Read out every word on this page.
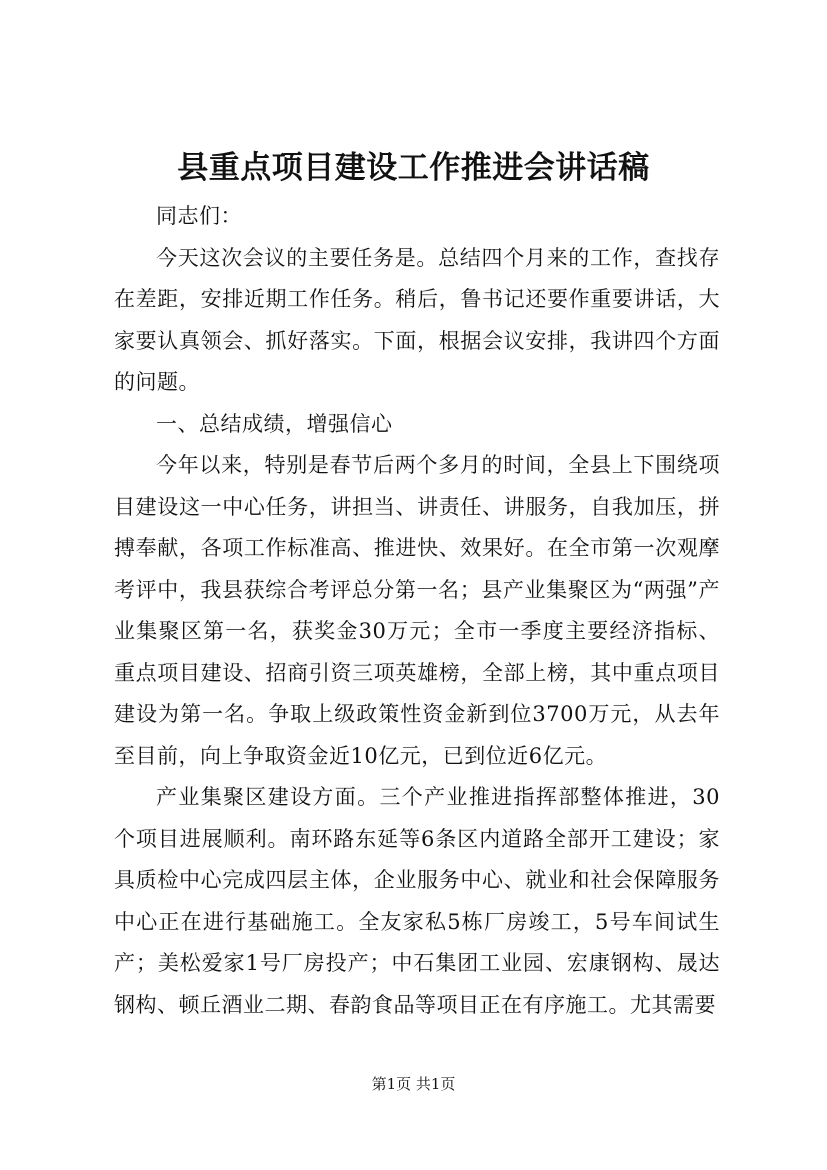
县重点项目建设工作推进会讲话稿

同志们：

今天这次会议的主要任务是。总结四个月来的工作，查找存在差距，安排近期工作任务。稍后，鲁书记还要作重要讲话，大家要认真领会、抓好落实。下面，根据会议安排，我讲四个方面的问题。

一、总结成绩，增强信心

今年以来，特别是春节后两个多月的时间，全县上下围绕项目建设这一中心任务，讲担当、讲责任、讲服务，自我加压，拼搏奉献，各项工作标准高、推进快、效果好。在全市第一次观摩考评中，我县获综合考评总分第一名；县产业集聚区为“两强”产业集聚区第一名，获奖金30万元；全市一季度主要经济指标、重点项目建设、招商引资三项英雄榜，全部上榜，其中重点项目建设为第一名。争取上级政策性资金新到位3700万元，从去年至目前，向上争取资金近10亿元，已到位近6亿元。

产业集聚区建设方面。三个产业推进指挥部整体推进，30个项目进展顺利。南环路东延等6条区内道路全部开工建设；家具质检中心完成四层主体，企业服务中心、就业和社会保障服务中心正在进行基础施工。全友家私5栋厂房竣工，5号车间试生产；美松爱家1号厂房投产；中石集团工业园、宏康钢构、晟达钢构、顿丘酒业二期、春韵食品等项目正在有序施工。尤其需要

第1页 共1页
